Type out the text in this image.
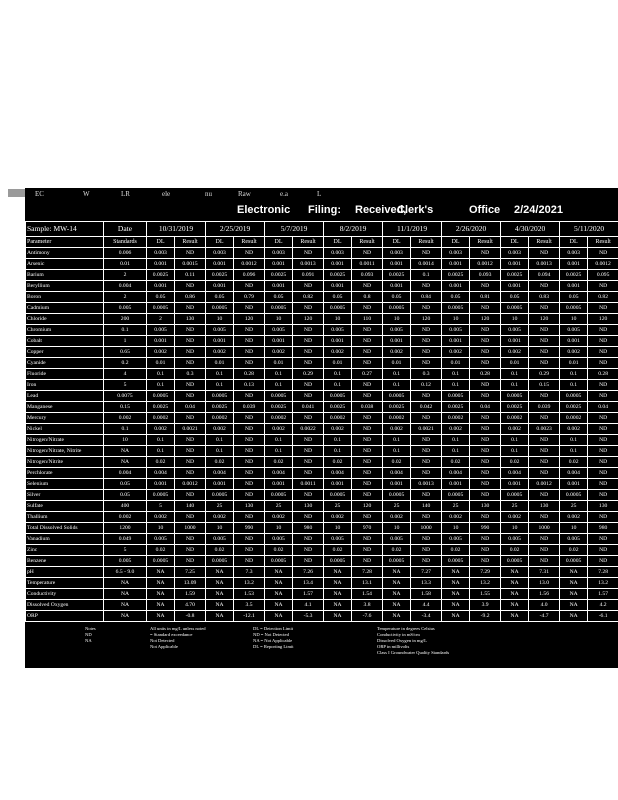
EC	W	LR	ele	nu	Raw	e.a	L
Electronic Filing: Received,
Clerk's	Office 2/24/2021
Sample: MW-14	Date	10/31/2019		2/25/2019		5/7/2019		8/2/2019		11/1/2019		2/26/2020		4/30/2020		5/11/2020	
Parameter	Standards	DL	Result	DL	Result	DL	Result	DL	Result	DL	Result	DL	Result	DL	Result	DL	Result
Antimony	0.006	0.003	ND	0.003	ND	0.003	ND	0.003	ND	0.003	ND	0.003	ND	0.003	ND	0.003	ND
Arsenic	0.01	0.001	0.0015	0.001	0.0012	0.001	0.0013	0.001	0.0011	0.001	0.0014	0.001	0.0012	0.001	0.0013	0.001	0.0012
Barium	2	0.0025	0.11	0.0025	0.096	0.0025	0.091	0.0025	0.093	0.0025	0.1	0.0025	0.093	0.0025	0.094	0.0025	0.095
Beryllium	0.004	0.001	ND	0.001	ND	0.001	ND	0.001	ND	0.001	ND	0.001	ND	0.001	ND	0.001	ND
Boron	2	0.05	0.86	0.05	0.79	0.05	0.82	0.05	0.8	0.05	0.84	0.05	0.81	0.05	0.83	0.05	0.82
Cadmium	0.005	0.0005	ND	0.0005	ND	0.0005	ND	0.0005	ND	0.0005	ND	0.0005	ND	0.0005	ND	0.0005	ND
Chloride	200	2	130	10	120	10	120	10	110	10	120	10	120	10	120	10	120
Chromium	0.1	0.005	ND	0.005	ND	0.005	ND	0.005	ND	0.005	ND	0.005	ND	0.005	ND	0.005	ND
Cobalt	1	0.001	ND	0.001	ND	0.001	ND	0.001	ND	0.001	ND	0.001	ND	0.001	ND	0.001	ND
Copper	0.65	0.002	ND	0.002	ND	0.002	ND	0.002	ND	0.002	ND	0.002	ND	0.002	ND	0.002	ND
Cyanide	0.2	0.01	ND	0.01	ND	0.01	ND	0.01	ND	0.01	ND	0.01	ND	0.01	ND	0.01	ND
Fluoride	4	0.1	0.3	0.1	0.28	0.1	0.29	0.1	0.27	0.1	0.3	0.1	0.28	0.1	0.29	0.1	0.28
Iron	5	0.1	ND	0.1	0.13	0.1	ND	0.1	ND	0.1	0.12	0.1	ND	0.1	0.15	0.1	ND
Lead	0.0075	0.0005	ND	0.0005	ND	0.0005	ND	0.0005	ND	0.0005	ND	0.0005	ND	0.0005	ND	0.0005	ND
Manganese	0.15	0.0025	0.04	0.0025	0.039	0.0025	0.041	0.0025	0.038	0.0025	0.042	0.0025	0.04	0.0025	0.039	0.0025	0.04
Mercury	0.002	0.0002	ND	0.0002	ND	0.0002	ND	0.0002	ND	0.0002	ND	0.0002	ND	0.0002	ND	0.0002	ND
Nickel	0.1	0.002	0.0021	0.002	ND	0.002	0.0022	0.002	ND	0.002	0.0021	0.002	ND	0.002	0.0023	0.002	ND
Nitrogen/Nitrate	10	0.1	ND	0.1	ND	0.1	ND	0.1	ND	0.1	ND	0.1	ND	0.1	ND	0.1	ND
Nitrogen/Nitrate, Nitrite	NA	0.1	ND	0.1	ND	0.1	ND	0.1	ND	0.1	ND	0.1	ND	0.1	ND	0.1	ND
Nitrogen/Nitrite	NA	0.02	ND	0.02	ND	0.02	ND	0.02	ND	0.02	ND	0.02	ND	0.02	ND	0.02	ND
Perchlorate	0.004	0.004	ND	0.004	ND	0.004	ND	0.004	ND	0.004	ND	0.004	ND	0.004	ND	0.004	ND
Selenium	0.05	0.001	0.0012	0.001	ND	0.001	0.0011	0.001	ND	0.001	0.0013	0.001	ND	0.001	0.0012	0.001	ND
Silver	0.05	0.0005	ND	0.0005	ND	0.0005	ND	0.0005	ND	0.0005	ND	0.0005	ND	0.0005	ND	0.0005	ND
Sulfate	400	5	140	25	130	25	130	25	120	25	140	25	130	25	130	25	130
Thallium	0.002	0.002	ND	0.002	ND	0.002	ND	0.002	ND	0.002	ND	0.002	ND	0.002	ND	0.002	ND
Total Dissolved Solids	1200	10	1000	10	990	10	980	10	970	10	1000	10	990	10	1000	10	980
Vanadium	0.049	0.005	ND	0.005	ND	0.005	ND	0.005	ND	0.005	ND	0.005	ND	0.005	ND	0.005	ND
Zinc	5	0.02	ND	0.02	ND	0.02	ND	0.02	ND	0.02	ND	0.02	ND	0.02	ND	0.02	ND
Benzene	0.005	0.0005	ND	0.0005	ND	0.0005	ND	0.0005	ND	0.0005	ND	0.0005	ND	0.0005	ND	0.0005	ND
pH	6.5 - 9.0	NA	7.25	NA	7.3	NA	7.26	NA	7.28	NA	7.27	NA	7.29	NA	7.31	NA	7.28
Temperature	NA	NA	13.09	NA	13.2	NA	13.4	NA	13.1	NA	13.3	NA	13.2	NA	13.0	NA	13.2
Conductivity	NA	NA	1.59	NA	1.53	NA	1.57	NA	1.54	NA	1.58	NA	1.55	NA	1.56	NA	1.57
Dissolved Oxygen	NA	NA	4.70	NA	3.5	NA	4.1	NA	3.8	NA	4.4	NA	3.9	NA	4.0	NA	4.2
ORP	NA	NA	-0.8	NA	-12.1	NA	-5.3	NA	-7.6	NA	-3.4	NA	-9.2	NA	-4.7	NA	-6.1
Notes
ND
NA
All units in mg/L unless noted
= Standard exceedance
Not Detected
Not Applicable
DL = Detection Limit
ND = Not Detected
NA = Not Applicable
DL = Reporting Limit
Temperature in degrees Celsius
Conductivity in mS/cm
Dissolved Oxygen in mg/L
ORP in millivolts
Class I Groundwater Quality Standards
